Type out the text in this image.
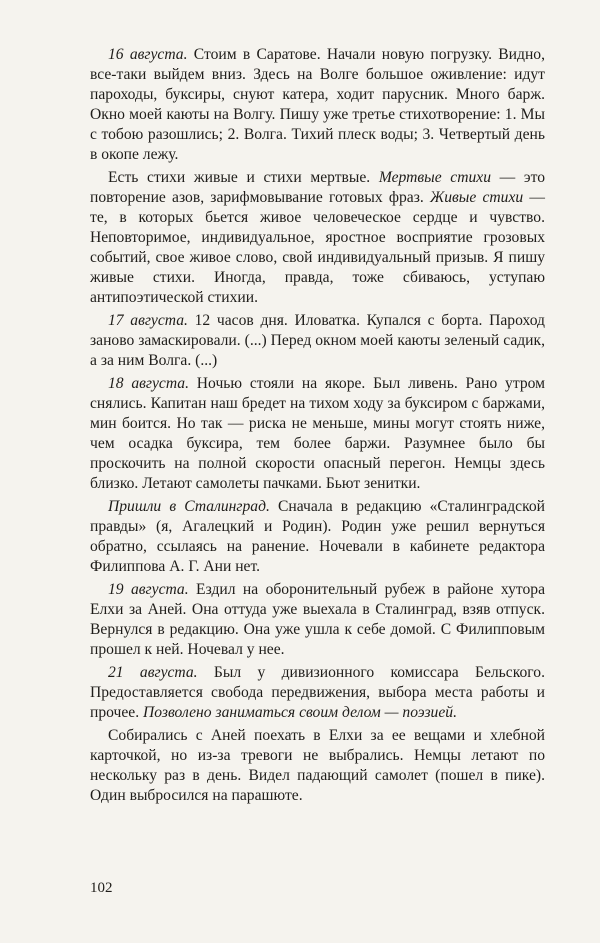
16 августа. Стоим в Саратове. Начали новую погрузку. Видно, все-таки выйдем вниз. Здесь на Волге большое оживление: идут пароходы, буксиры, снуют катера, ходит парусник. Много барж. Окно моей каюты на Волгу. Пишу уже третье стихотворение: 1. Мы с тобою разошлись; 2. Волга. Тихий плеск воды; 3. Четвертый день в окопе лежу.

Есть стихи живые и стихи мертвые. Мертвые стихи — это повторение азов, зарифмовывание готовых фраз. Живые стихи — те, в которых бьется живое человеческое сердце и чувство. Неповторимое, индивидуальное, яростное восприятие грозовых событий, свое живое слово, свой индивидуальный призыв. Я пишу живые стихи. Иногда, правда, тоже сбиваюсь, уступаю антипоэтической стихии.

17 августа. 12 часов дня. Иловатка. Купался с борта. Пароход заново замаскировали. (...) Перед окном моей каюты зеленый садик, а за ним Волга. (...)

18 августа. Ночью стояли на якоре. Был ливень. Рано утром снялись. Капитан наш бредет на тихом ходу за буксиром с баржами, мин боится. Но так — риска не меньше, мины могут стоять ниже, чем осадка буксира, тем более баржи. Разумнее было бы проскочить на полной скорости опасный перегон. Немцы здесь близко. Летают самолеты пачками. Бьют зенитки.

Пришли в Сталинград. Сначала в редакцию «Сталинградской правды» (я, Агалецкий и Родин). Родин уже решил вернуться обратно, ссылаясь на ранение. Ночевали в кабинете редактора Филиппова А. Г. Ани нет.

19 августа. Ездил на оборонительный рубеж в районе хутора Елхи за Аней. Она оттуда уже выехала в Сталинград, взяв отпуск. Вернулся в редакцию. Она уже ушла к себе домой. С Филипповым прошел к ней. Ночевал у нее.

21 августа. Был у дивизионного комиссара Бельского. Предоставляется свобода передвижения, выбора места работы и прочее. Позволено заниматься своим делом — поэзией.

Собирались с Аней поехать в Елхи за ее вещами и хлебной карточкой, но из-за тревоги не выбрались. Немцы летают по нескольку раз в день. Видел падающий самолет (пошел в пике). Один выбросился на парашюте.

102
